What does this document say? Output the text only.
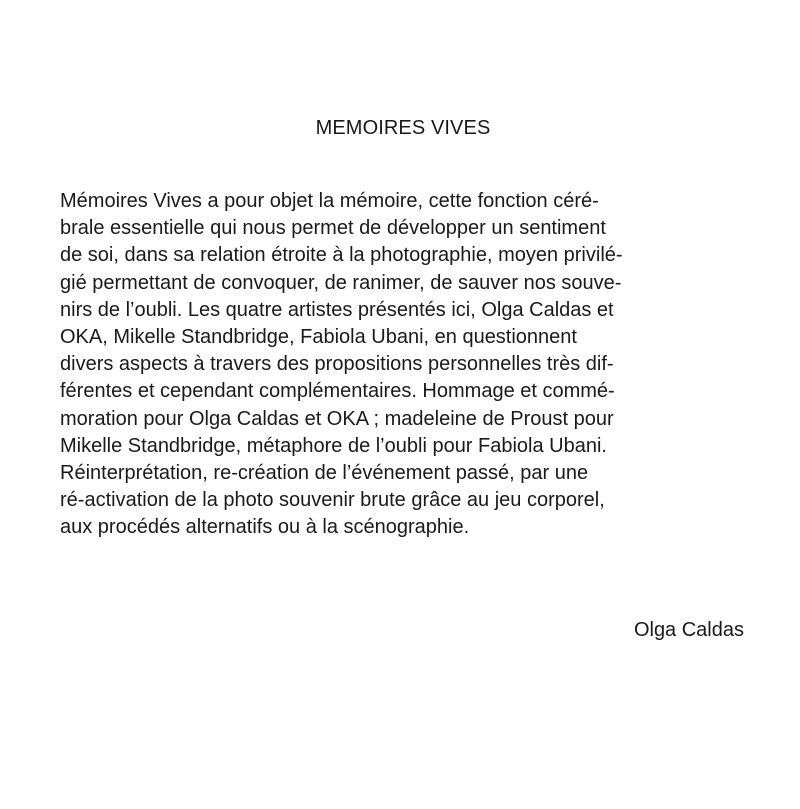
MEMOIRES VIVES

Mémoires Vives a pour objet la mémoire, cette fonction céré-
brale essentielle qui nous permet de développer un sentiment
de soi, dans sa relation étroite à la photographie, moyen privilé-
gié permettant de convoquer, de ranimer, de sauver nos souve-
nirs de l’oubli. Les quatre artistes présentés ici, Olga Caldas et
OKA, Mikelle Standbridge, Fabiola Ubani, en questionnent
divers aspects à travers des propositions personnelles très dif-
férentes et cependant complémentaires. Hommage et commé-
moration pour Olga Caldas et OKA ; madeleine de Proust pour
Mikelle Standbridge, métaphore de l’oubli pour Fabiola Ubani.
Réinterprétation, re-création de l’événement passé, par une
ré-activation de la photo souvenir brute grâce au jeu corporel,
aux procédés alternatifs ou à la scénographie.

Olga Caldas
